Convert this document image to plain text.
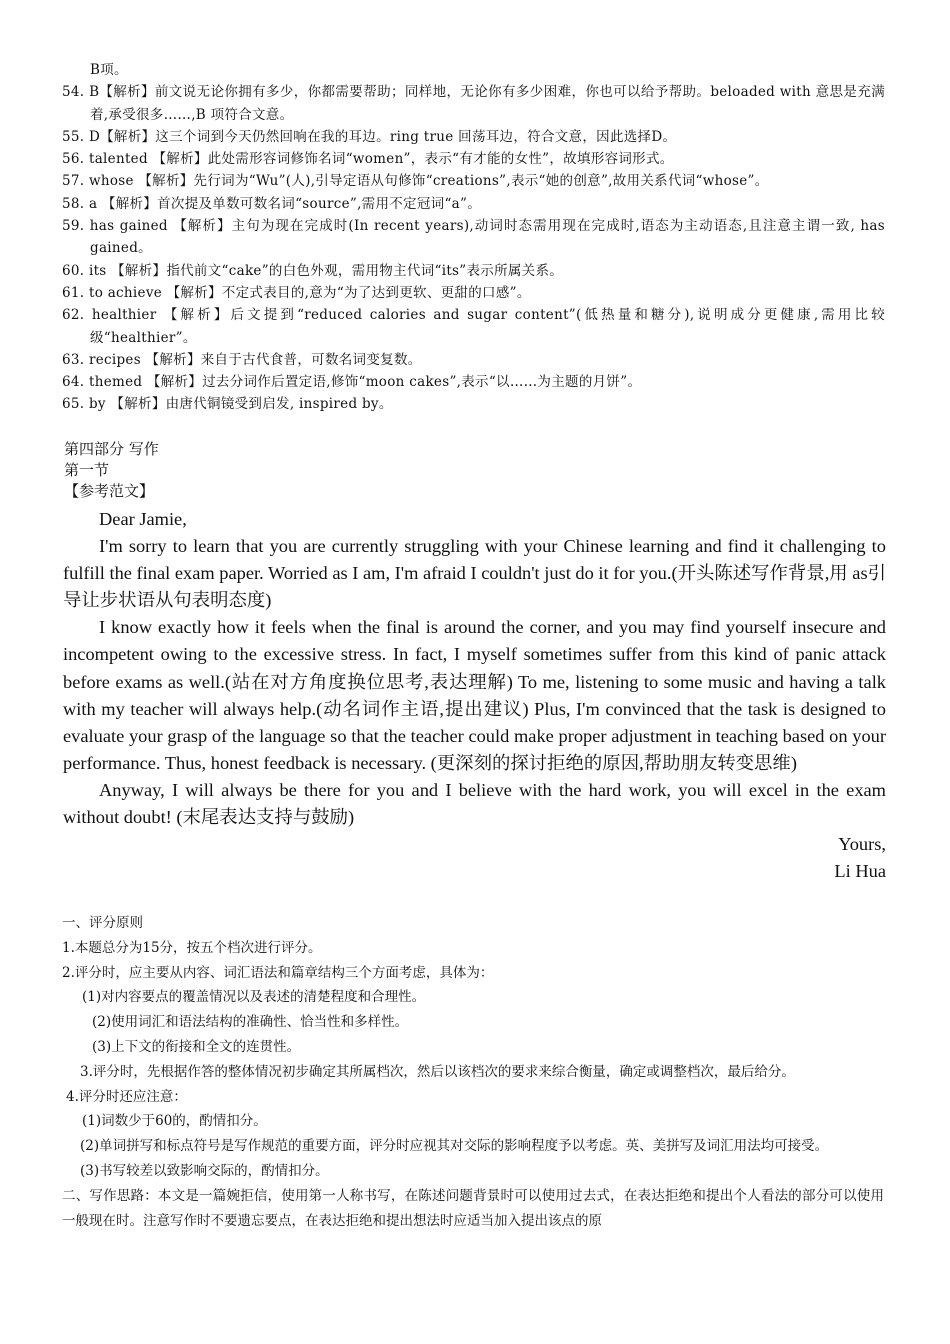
B项。
54. B【解析】前文说无论你拥有多少，你都需要帮助；同样地，无论你有多少困难，你也可以给予帮助。beloaded with 意思是充满着,承受很多……,B 项符合文意。
55. D【解析】这三个词到今天仍然回响在我的耳边。ring true 回荡耳边，符合文意，因此选择D。
56. talented 【解析】此处需形容词修饰名词“women”，表示“有才能的女性”，故填形容词形式。
57. whose 【解析】先行词为“Wu”(人),引导定语从句修饰“creations”,表示“她的创意”,故用关系代词“whose”。
58. a 【解析】首次提及单数可数名词“source”,需用不定冠词“a”。
59. has gained 【解析】主句为现在完成时(In recent years),动词时态需用现在完成时,语态为主动语态,且注意主谓一致, has gained。
60. its 【解析】指代前文“cake”的白色外观，需用物主代词“its”表示所属关系。
61. to achieve 【解析】不定式表目的,意为“为了达到更软、更甜的口感”。
62. healthier 【解析】后文提到“reduced calories and sugar content”(低热量和糖分),说明成分更健康,需用比较级“healthier”。
63. recipes 【解析】来自于古代食普，可数名词变复数。
64. themed 【解析】过去分词作后置定语,修饰“moon cakes”,表示“以……为主题的月饼”。
65. by 【解析】由唐代铜镜受到启发, inspired by。
第四部分 写作
第一节
【参考范文】
Dear Jamie,

I'm sorry to learn that you are currently struggling with your Chinese learning and find it challenging to fulfill the final exam paper. Worried as I am, I'm afraid I couldn't just do it for you.(开头陈述写作背景,用 as引导让步状语从句表明态度)

I know exactly how it feels when the final is around the corner, and you may find yourself insecure and incompetent owing to the excessive stress. In fact, I myself sometimes suffer from this kind of panic attack before exams as well.(站在对方角度换位思考,表达理解) To me, listening to some music and having a talk with my teacher will always help.(动名词作主语,提出建议) Plus, I'm convinced that the task is designed to evaluate your grasp of the language so that the teacher could make proper adjustment in teaching based on your performance. Thus, honest feedback is necessary. (更深刻的探讨拒绝的原因,帮助朋友转变思维)

Anyway, I will always be there for you and I believe with the hard work, you will excel in the exam without doubt! (末尾表达支持与鼓励)

Yours,
Li Hua
一、评分原则
1.本题总分为15分，按五个档次进行评分。
2.评分时，应主要从内容、词汇语法和篇章结构三个方面考虑，具体为：
(1)对内容要点的覆盖情况以及表述的清楚程度和合理性。
(2)使用词汇和语法结构的准确性、恰当性和多样性。
(3)上下文的衔接和全文的连贯性。
3.评分时，先根据作答的整体情况初步确定其所属档次，然后以该档次的要求来综合衡量，确定或调整档次，最后给分。
4.评分时还应注意：
(1)词数少于60的，酌情扣分。
(2)单词拼写和标点符号是写作规范的重要方面，评分时应视其对交际的影响程度予以考虑。英、美拼写及词汇用法均可接受。
(3)书写较差以致影响交际的，酌情扣分。
二、写作思路：本文是一篇婉拒信，使用第一人称书写，在陈述问题背景时可以使用过去式，在表达拒绝和提出个人看法的部分可以使用一般现在时。注意写作时不要遗忘要点，在表达拒绝和提出想法时应适当加入提出该点的原
